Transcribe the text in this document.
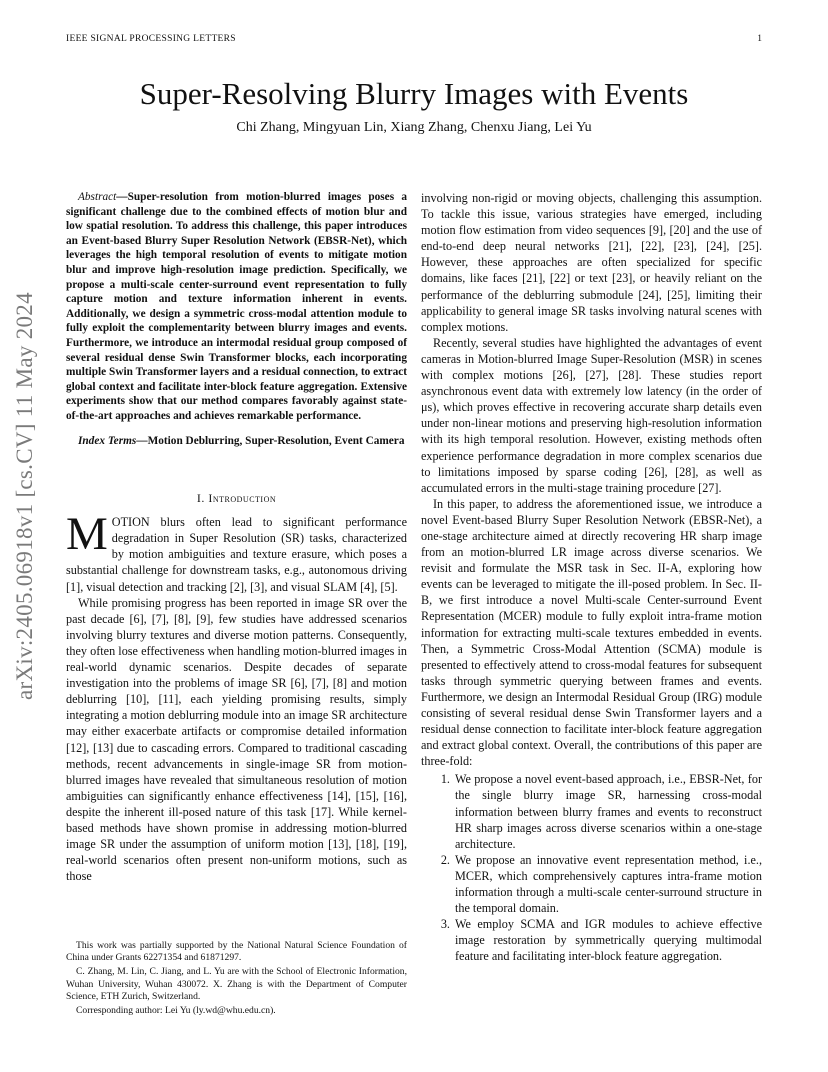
IEEE SIGNAL PROCESSING LETTERS	1
Super-Resolving Blurry Images with Events
Chi Zhang, Mingyuan Lin, Xiang Zhang, Chenxu Jiang, Lei Yu
arXiv:2405.06918v1 [cs.CV] 11 May 2024

Abstract—Super-resolution from motion-blurred images poses a significant challenge due to the combined effects of motion blur and low spatial resolution. To address this challenge, this paper introduces an Event-based Blurry Super Resolution Network (EBSR-Net), which leverages the high temporal resolution of events to mitigate motion blur and improve high-resolution image prediction. Specifically, we propose a multi-scale center-surround event representation to fully capture motion and texture information inherent in events. Additionally, we design a symmetric cross-modal attention module to fully exploit the complementarity between blurry images and events. Furthermore, we introduce an intermodal residual group composed of several residual dense Swin Transformer blocks, each incorporating multiple Swin Transformer layers and a residual connection, to extract global context and facilitate inter-block feature aggregation. Extensive experiments show that our method compares favorably against state-of-the-art approaches and achieves remarkable performance.

Index Terms—Motion Deblurring, Super-Resolution, Event Camera

I. Introduction

MOTION blurs often lead to significant performance degradation in Super Resolution (SR) tasks, characterized by motion ambiguities and texture erasure, which poses a substantial challenge for downstream tasks, e.g., autonomous driving [1], visual detection and tracking [2], [3], and visual SLAM [4], [5].

While promising progress has been reported in image SR over the past decade [6], [7], [8], [9], few studies have addressed scenarios involving blurry textures and diverse motion patterns. Consequently, they often lose effectiveness when handling motion-blurred images in real-world dynamic scenarios. Despite decades of separate investigation into the problems of image SR [6], [7], [8] and motion deblurring [10], [11], each yielding promising results, simply integrating a motion deblurring module into an image SR architecture may either exacerbate artifacts or compromise detailed information [12], [13] due to cascading errors. Compared to traditional cascading methods, recent advancements in single-image SR from motion-blurred images have revealed that simultaneous resolution of motion ambiguities can significantly enhance effectiveness [14], [15], [16], despite the inherent ill-posed nature of this task [17]. While kernel-based methods have shown promise in addressing motion-blurred image SR under the assumption of uniform motion [13], [18], [19], real-world scenarios often present non-uniform motions, such as those

involving non-rigid or moving objects, challenging this assumption. To tackle this issue, various strategies have emerged, including motion flow estimation from video sequences [9], [20] and the use of end-to-end deep neural networks [21], [22], [23], [24], [25]. However, these approaches are often specialized for specific domains, like faces [21], [22] or text [23], or heavily reliant on the performance of the deblurring submodule [24], [25], limiting their applicability to general image SR tasks involving natural scenes with complex motions.

Recently, several studies have highlighted the advantages of event cameras in Motion-blurred Image Super-Resolution (MSR) in scenes with complex motions [26], [27], [28]. These studies report asynchronous event data with extremely low latency (in the order of μs), which proves effective in recovering accurate sharp details even under non-linear motions and preserving high-resolution information with its high temporal resolution. However, existing methods often experience performance degradation in more complex scenarios due to limitations imposed by sparse coding [26], [28], as well as accumulated errors in the multi-stage training procedure [27].

In this paper, to address the aforementioned issue, we introduce a novel Event-based Blurry Super Resolution Network (EBSR-Net), a one-stage architecture aimed at directly recovering HR sharp image from an motion-blurred LR image across diverse scenarios. We revisit and formulate the MSR task in Sec. II-A, exploring how events can be leveraged to mitigate the ill-posed problem. In Sec. II-B, we first introduce a novel Multi-scale Center-surround Event Representation (MCER) module to fully exploit intra-frame motion information for extracting multi-scale textures embedded in events. Then, a Symmetric Cross-Modal Attention (SCMA) module is presented to effectively attend to cross-modal features for subsequent tasks through symmetric querying between frames and events. Furthermore, we design an Intermodal Residual Group (IRG) module consisting of several residual dense Swin Transformer layers and a residual dense connection to facilitate inter-block feature aggregation and extract global context. Overall, the contributions of this paper are three-fold:

1. We propose a novel event-based approach, i.e., EBSR-Net, for the single blurry image SR, harnessing cross-modal information between blurry frames and events to reconstruct HR sharp images across diverse scenarios within a one-stage architecture.
2. We propose an innovative event representation method, i.e., MCER, which comprehensively captures intra-frame motion information through a multi-scale center-surround structure in the temporal domain.
3. We employ SCMA and IGR modules to achieve effective image restoration by symmetrically querying multimodal feature and facilitating inter-block feature aggregation.

This work was partially supported by the National Natural Science Foundation of China under Grants 62271354 and 61871297.

C. Zhang, M. Lin, C. Jiang, and L. Yu are with the School of Electronic Information, Wuhan University, Wuhan 430072. X. Zhang is with the Department of Computer Science, ETH Zurich, Switzerland.

Corresponding author: Lei Yu (ly.wd@whu.edu.cn).
